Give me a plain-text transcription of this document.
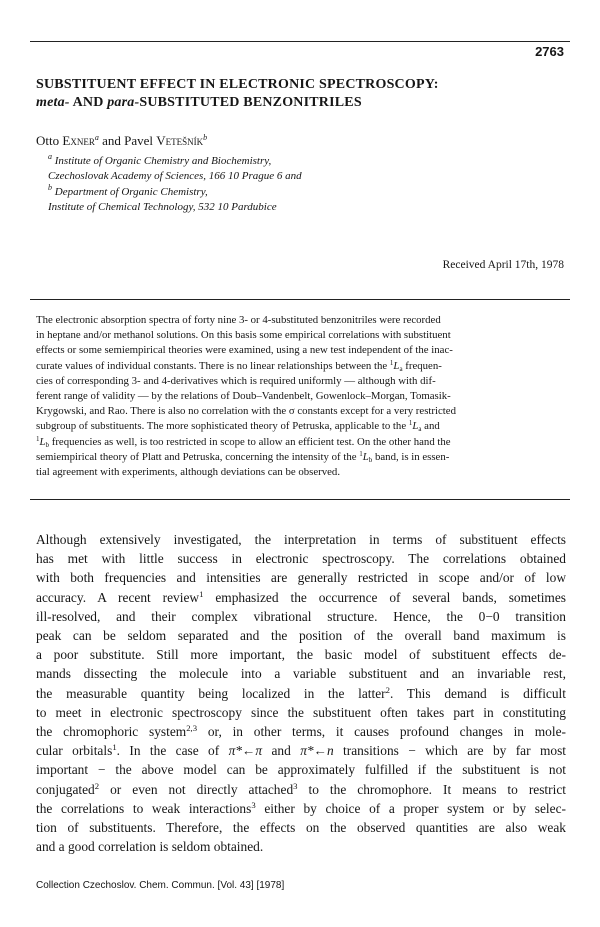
2763
SUBSTITUENT EFFECT IN ELECTRONIC SPECTROSCOPY:
meta- AND para-SUBSTITUTED BENZONITRILES
Otto Exner$^a$ and Pavel Vetešník$^b$
$^a$ Institute of Organic Chemistry and Biochemistry,
Czechoslovak Academy of Sciences, 166 10 Prague 6 and
$^b$ Department of Organic Chemistry,
Institute of Chemical Technology, 532 10 Pardubice
Received April 17th, 1978
The electronic absorption spectra of forty nine 3- or 4-substituted benzonitriles were recorded
in heptane and/or methanol solutions. On this basis some empirical correlations with substituent
effects or some semiempirical theories were examined, using a new test independent of the inac-
curate values of individual constants. There is no linear relationships between the $^1L_a$ frequen-
cies of corresponding 3- and 4-derivatives which is required uniformly — although with dif-
ferent range of validity — by the relations of Doub–Vandenbelt, Gowenlock–Morgan, Tomasik-
Krygowski, and Rao. There is also no correlation with the σ constants except for a very restricted
subgroup of substituents. The more sophisticated theory of Petruska, applicable to the $^1L_a$ and
$^1L_b$ frequencies as well, is too restricted in scope to allow an efficient test. On the other hand the
semiempirical theory of Platt and Petruska, concerning the intensity of the $^1L_b$ band, is in essen-
tial agreement with experiments, although deviations can be observed.
Although extensively investigated, the interpretation in terms of substituent effects
has met with little success in electronic spectroscopy. The correlations obtained
with both frequencies and intensities are generally restricted in scope and/or of low
accuracy. A recent review$^1$ emphasized the occurrence of several bands, sometimes
ill-resolved, and their complex vibrational structure. Hence, the 0−0 transition
peak can be seldom separated and the position of the overall band maximum is
a poor substitute. Still more important, the basic model of substituent effects de-
mands dissecting the molecule into a variable substituent and an invariable rest,
the measurable quantity being localized in the latter$^2$. This demand is difficult
to meet in electronic spectroscopy since the substituent often takes part in constituting
the chromophoric system$^{2,3}$ or, in other terms, it causes profound changes in mole-
cular orbitals$^1$. In the case of π*←π and π*←n transitions − which are by far most
important − the above model can be approximately fulfilled if the substituent is not
conjugated$^2$ or even not directly attached$^3$ to the chromophore. It means to restrict
the correlations to weak interactions$^3$ either by choice of a proper system or by selec-
tion of substituents. Therefore, the effects on the observed quantities are also weak
and a good correlation is seldom obtained.
Collection Czechoslov. Chem. Commun. [Vol. 43] [1978]
